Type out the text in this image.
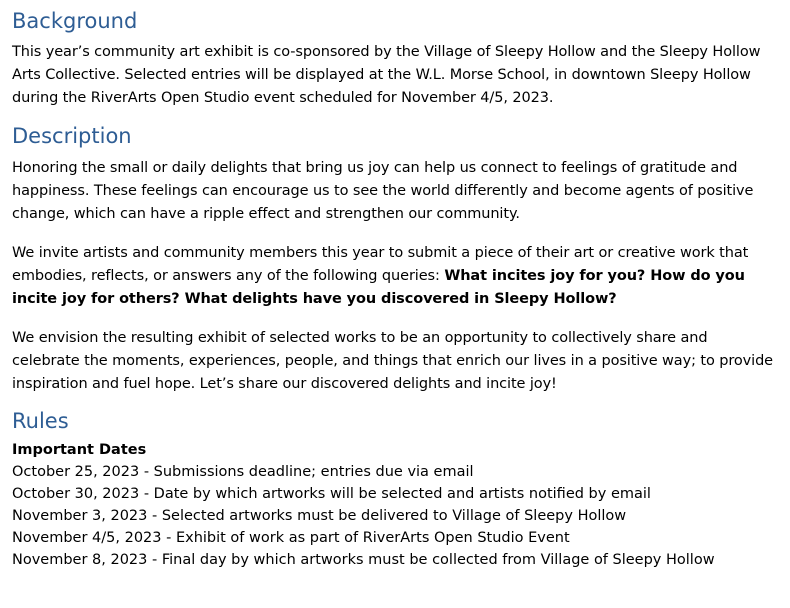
Background

This year’s community art exhibit is co-sponsored by the Village of Sleepy Hollow and the Sleepy Hollow Arts Collective. Selected entries will be displayed at the W.L. Morse School, in downtown Sleepy Hollow during the RiverArts Open Studio event scheduled for November 4/5, 2023.

Description

Honoring the small or daily delights that bring us joy can help us connect to feelings of gratitude and happiness. These feelings can encourage us to see the world differently and become agents of positive change, which can have a ripple effect and strengthen our community.

We invite artists and community members this year to submit a piece of their art or creative work that embodies, reflects, or answers any of the following queries: What incites joy for you? How do you incite joy for others? What delights have you discovered in Sleepy Hollow?

We envision the resulting exhibit of selected works to be an opportunity to collectively share and celebrate the moments, experiences, people, and things that enrich our lives in a positive way; to provide inspiration and fuel hope. Let’s share our discovered delights and incite joy!

Rules
Important Dates
October 25, 2023 - Submissions deadline; entries due via email
October 30, 2023 - Date by which artworks will be selected and artists notified by email
November 3, 2023 - Selected artworks must be delivered to Village of Sleepy Hollow
November 4/5, 2023 - Exhibit of work as part of RiverArts Open Studio Event
November 8, 2023 - Final day by which artworks must be collected from Village of Sleepy Hollow
